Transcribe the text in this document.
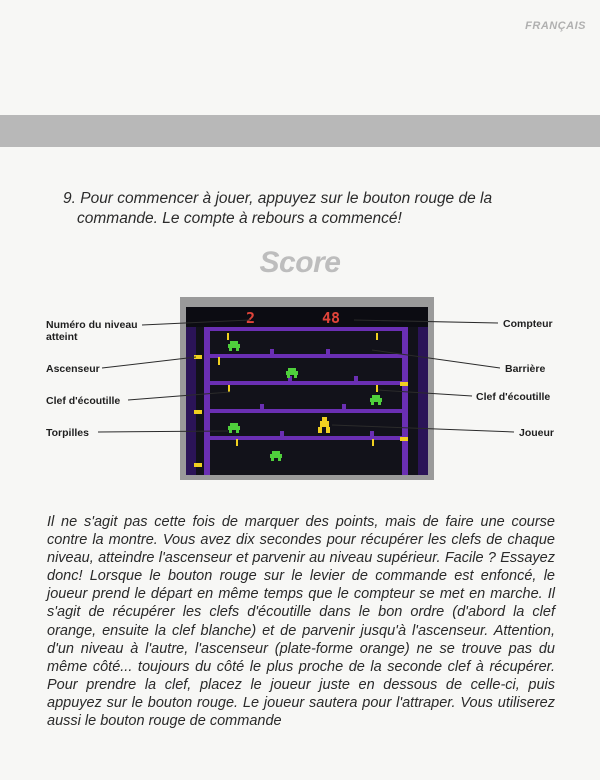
FRANÇAIS
9. Pour commencer à jouer, appuyez sur le bouton rouge de la commande. Le compte à rebours a commencé!
Score
2	48
Numéro du niveau
atteint
Ascenseur
Clef d'écoutille
Torpilles
Compteur
Barrière
Clef d'écoutille
Joueur
Il ne s'agit pas cette fois de marquer des points, mais de faire une course contre la montre. Vous avez dix secondes pour récupérer les clefs de chaque niveau, atteindre l'ascenseur et parvenir au niveau supérieur. Facile ? Essayez donc! Lorsque le bouton rouge sur le levier de commande est enfoncé, le joueur prend le départ en même temps que le compteur se met en marche. Il s'agit de récupérer les clefs d'écoutille dans le bon ordre (d'abord la clef orange, ensuite la clef blanche) et de parvenir jusqu'à l'ascenseur. Attention, d'un niveau à l'autre, l'ascenseur (plate-forme orange) ne se trouve pas du même côté... toujours du côté le plus proche de la seconde clef à récupérer. Pour prendre la clef, placez le joueur juste en dessous de celle-ci, puis appuyez sur le bouton rouge. Le joueur sautera pour l'attraper. Vous utiliserez aussi le bouton rouge de commande
